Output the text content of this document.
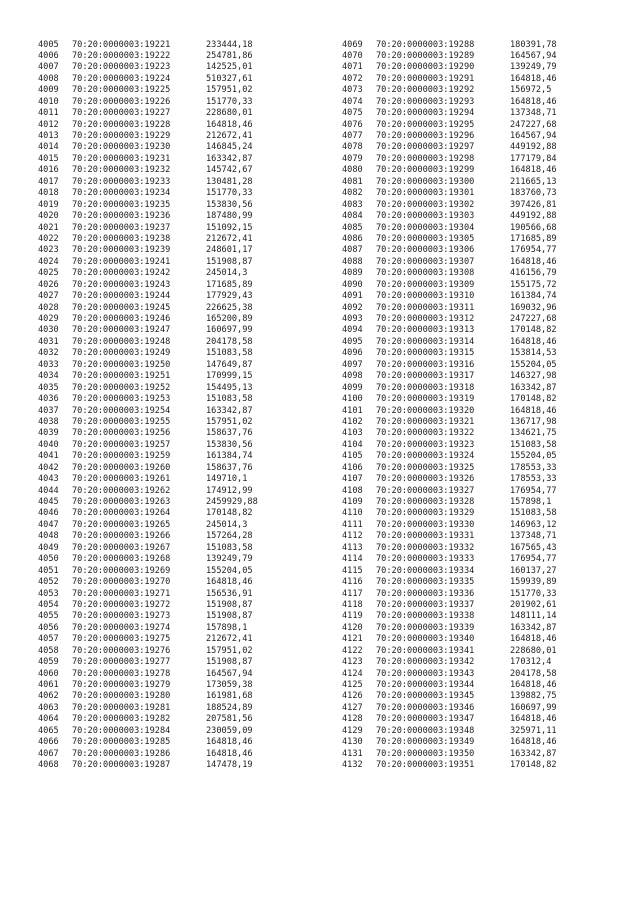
4005 70:20:0000003:19221	233444,18
4006 70:20:0000003:19222	254781,86
4007 70:20:0000003:19223	142525,01
4008 70:20:0000003:19224	510327,61
4009 70:20:0000003:19225	157951,02
4010 70:20:0000003:19226	151770,33
4011 70:20:0000003:19227	228680,01
4012 70:20:0000003:19228	164818,46
4013 70:20:0000003:19229	212672,41
4014 70:20:0000003:19230	146845,24
4015 70:20:0000003:19231	163342,87
4016 70:20:0000003:19232	145742,67
4017 70:20:0000003:19233	130481,28
4018 70:20:0000003:19234	151770,33
4019 70:20:0000003:19235	153830,56
4020 70:20:0000003:19236	187480,99
4021 70:20:0000003:19237	151092,15
4022 70:20:0000003:19238	212672,41
4023 70:20:0000003:19239	248601,17
4024 70:20:0000003:19241	151908,87
4025 70:20:0000003:19242	245014,3
4026 70:20:0000003:19243	171685,89
4027 70:20:0000003:19244	177929,43
4028 70:20:0000003:19245	226625,38
4029 70:20:0000003:19246	165200,89
4030 70:20:0000003:19247	160697,99
4031 70:20:0000003:19248	204178,58
4032 70:20:0000003:19249	151083,58
4033 70:20:0000003:19250	147649,87
4034 70:20:0000003:19251	170999,15
4035 70:20:0000003:19252	154495,13
4036 70:20:0000003:19253	151083,58
4037 70:20:0000003:19254	163342,87
4038 70:20:0000003:19255	157951,02
4039 70:20:0000003:19256	158637,76
4040 70:20:0000003:19257	153830,56
4041 70:20:0000003:19259	161384,74
4042 70:20:0000003:19260	158637,76
4043 70:20:0000003:19261	149710,1
4044 70:20:0000003:19262	174912,99
4045 70:20:0000003:19263	2459929,88
4046 70:20:0000003:19264	170148,82
4047 70:20:0000003:19265	245014,3
4048 70:20:0000003:19266	157264,28
4049 70:20:0000003:19267	151083,58
4050 70:20:0000003:19268	139249,79
4051 70:20:0000003:19269	155204,05
4052 70:20:0000003:19270	164818,46
4053 70:20:0000003:19271	156536,91
4054 70:20:0000003:19272	151908,87
4055 70:20:0000003:19273	151908,87
4056 70:20:0000003:19274	157898,1
4057 70:20:0000003:19275	212672,41
4058 70:20:0000003:19276	157951,02
4059 70:20:0000003:19277	151908,87
4060 70:20:0000003:19278	164567,94
4061 70:20:0000003:19279	173059,38
4062 70:20:0000003:19280	161981,68
4063 70:20:0000003:19281	188524,89
4064 70:20:0000003:19282	207581,56
4065 70:20:0000003:19284	230059,09
4066 70:20:0000003:19285	164818,46
4067 70:20:0000003:19286	164818,46
4068 70:20:0000003:19287	147478,19
4069 70:20:0000003:19288	180391,78
4070 70:20:0000003:19289	164567,94
4071 70:20:0000003:19290	139249,79
4072 70:20:0000003:19291	164818,46
4073 70:20:0000003:19292	156972,5
4074 70:20:0000003:19293	164818,46
4075 70:20:0000003:19294	137348,71
4076 70:20:0000003:19295	247227,68
4077 70:20:0000003:19296	164567,94
4078 70:20:0000003:19297	449192,88
4079 70:20:0000003:19298	177179,84
4080 70:20:0000003:19299	164818,46
4081 70:20:0000003:19300	211665,13
4082 70:20:0000003:19301	183760,73
4083 70:20:0000003:19302	397426,81
4084 70:20:0000003:19303	449192,88
4085 70:20:0000003:19304	190566,68
4086 70:20:0000003:19305	171685,89
4087 70:20:0000003:19306	176954,77
4088 70:20:0000003:19307	164818,46
4089 70:20:0000003:19308	416156,79
4090 70:20:0000003:19309	155175,72
4091 70:20:0000003:19310	161384,74
4092 70:20:0000003:19311	169032,96
4093 70:20:0000003:19312	247227,68
4094 70:20:0000003:19313	170148,82
4095 70:20:0000003:19314	164818,46
4096 70:20:0000003:19315	153814,53
4097 70:20:0000003:19316	155204,05
4098 70:20:0000003:19317	146327,98
4099 70:20:0000003:19318	163342,87
4100 70:20:0000003:19319	170148,82
4101 70:20:0000003:19320	164818,46
4102 70:20:0000003:19321	136717,98
4103 70:20:0000003:19322	134621,75
4104 70:20:0000003:19323	151083,58
4105 70:20:0000003:19324	155204,05
4106 70:20:0000003:19325	178553,33
4107 70:20:0000003:19326	178553,33
4108 70:20:0000003:19327	176954,77
4109 70:20:0000003:19328	157898,1
4110 70:20:0000003:19329	151083,58
4111 70:20:0000003:19330	146963,12
4112 70:20:0000003:19331	137348,71
4113 70:20:0000003:19332	167565,43
4114 70:20:0000003:19333	176954,77
4115 70:20:0000003:19334	160137,27
4116 70:20:0000003:19335	159939,89
4117 70:20:0000003:19336	151770,33
4118 70:20:0000003:19337	201902,61
4119 70:20:0000003:19338	148111,14
4120 70:20:0000003:19339	163342,87
4121 70:20:0000003:19340	164818,46
4122 70:20:0000003:19341	228680,01
4123 70:20:0000003:19342	170312,4
4124 70:20:0000003:19343	204178,58
4125 70:20:0000003:19344	164818,46
4126 70:20:0000003:19345	139882,75
4127 70:20:0000003:19346	160697,99
4128 70:20:0000003:19347	164818,46
4129 70:20:0000003:19348	325971,11
4130 70:20:0000003:19349	164818,46
4131 70:20:0000003:19350	163342,87
4132 70:20:0000003:19351	170148,82
